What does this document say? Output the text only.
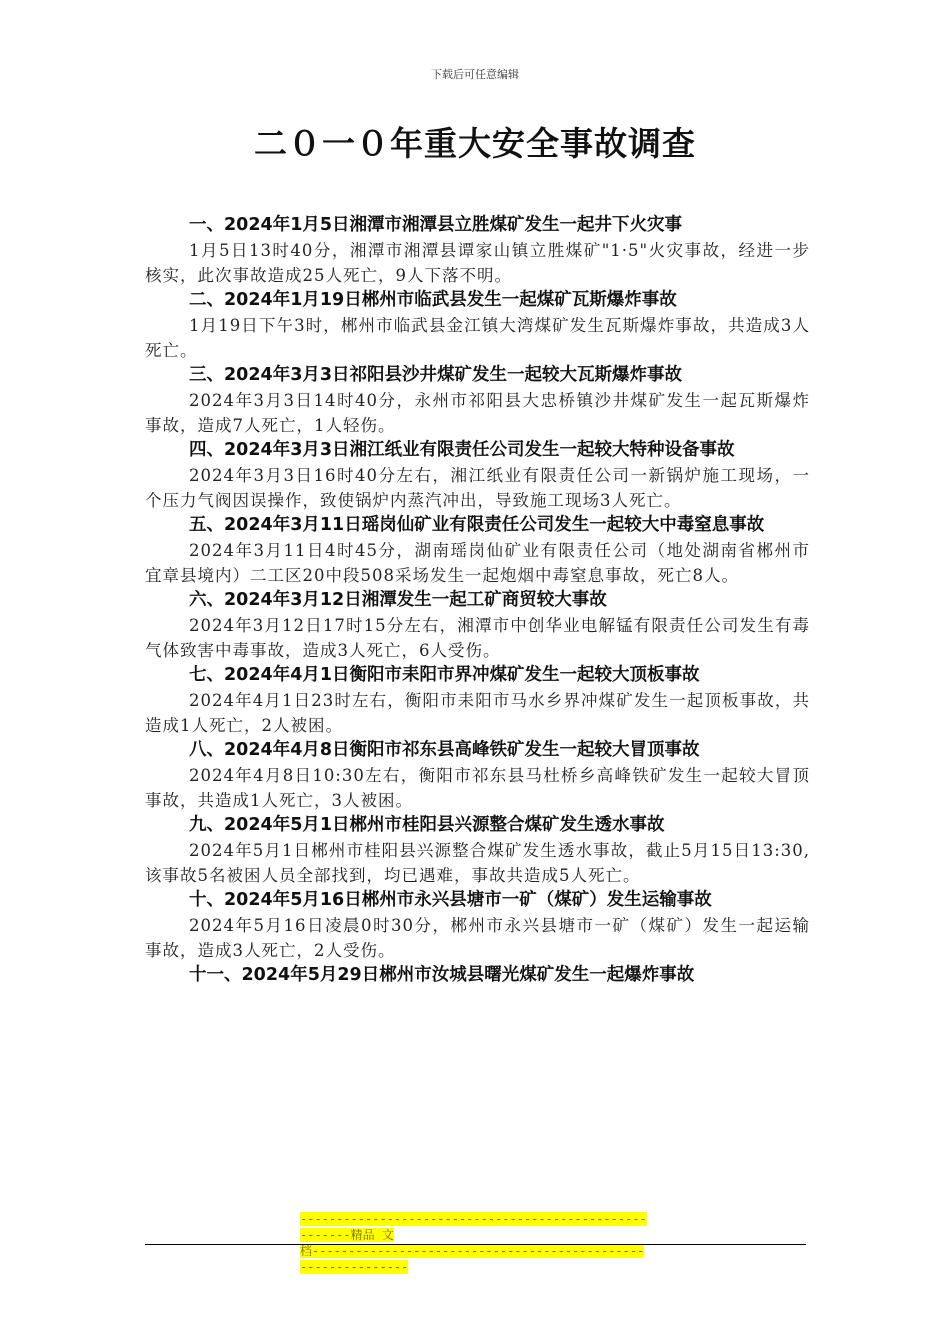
下载后可任意编辑
二０一０年重大安全事故调查

一、2024年1月5日湘潭市湘潭县立胜煤矿发生一起井下火灾事

1月5日13时40分，湘潭市湘潭县谭家山镇立胜煤矿"1·5"火灾事故，经进一步核实，此次事故造成25人死亡，9人下落不明。

二、2024年1月19日郴州市临武县发生一起煤矿瓦斯爆炸事故

1月19日下午3时，郴州市临武县金江镇大湾煤矿发生瓦斯爆炸事故，共造成3人死亡。

三、2024年3月3日祁阳县沙井煤矿发生一起较大瓦斯爆炸事故

2024年3月3日14时40分，永州市祁阳县大忠桥镇沙井煤矿发生一起瓦斯爆炸事故，造成7人死亡，1人轻伤。

四、2024年3月3日湘江纸业有限责任公司发生一起较大特种设备事故

2024年3月3日16时40分左右，湘江纸业有限责任公司一新锅炉施工现场，一个压力气阀因误操作，致使锅炉内蒸汽冲出，导致施工现场3人死亡。

五、2024年3月11日瑶岗仙矿业有限责任公司发生一起较大中毒窒息事故

2024年3月11日4时45分，湖南瑶岗仙矿业有限责任公司（地处湖南省郴州市宜章县境内）二工区20中段508采场发生一起炮烟中毒窒息事故，死亡8人。

六、2024年3月12日湘潭发生一起工矿商贸较大事故

2024年3月12日17时15分左右，湘潭市中创华业电解锰有限责任公司发生有毒气体致害中毒事故，造成3人死亡，6人受伤。

七、2024年4月1日衡阳市耒阳市界冲煤矿发生一起较大顶板事故

2024年4月1日23时左右，衡阳市耒阳市马水乡界冲煤矿发生一起顶板事故，共造成1人死亡，2人被困。

八、2024年4月8日衡阳市祁东县高峰铁矿发生一起较大冒顶事故

2024年4月8日10:30左右，衡阳市祁东县马杜桥乡高峰铁矿发生一起较大冒顶事故，共造成1人死亡，3人被困。

九、2024年5月1日郴州市桂阳县兴源整合煤矿发生透水事故

2024年5月1日郴州市桂阳县兴源整合煤矿发生透水事故，截止5月15日13:30,该事故5名被困人员全部找到，均已遇难，事故共造成5人死亡。

十、2024年5月16日郴州市永兴县塘市一矿（煤矿）发生运输事故

2024年5月16日凌晨0时30分，郴州市永兴县塘市一矿（煤矿）发生一起运输事故，造成3人死亡，2人受伤。

十一、2024年5月29日郴州市汝城县曙光煤矿发生一起爆炸事故

-------------------------------------------------------精品 文
档-------------------------------------------------------------
